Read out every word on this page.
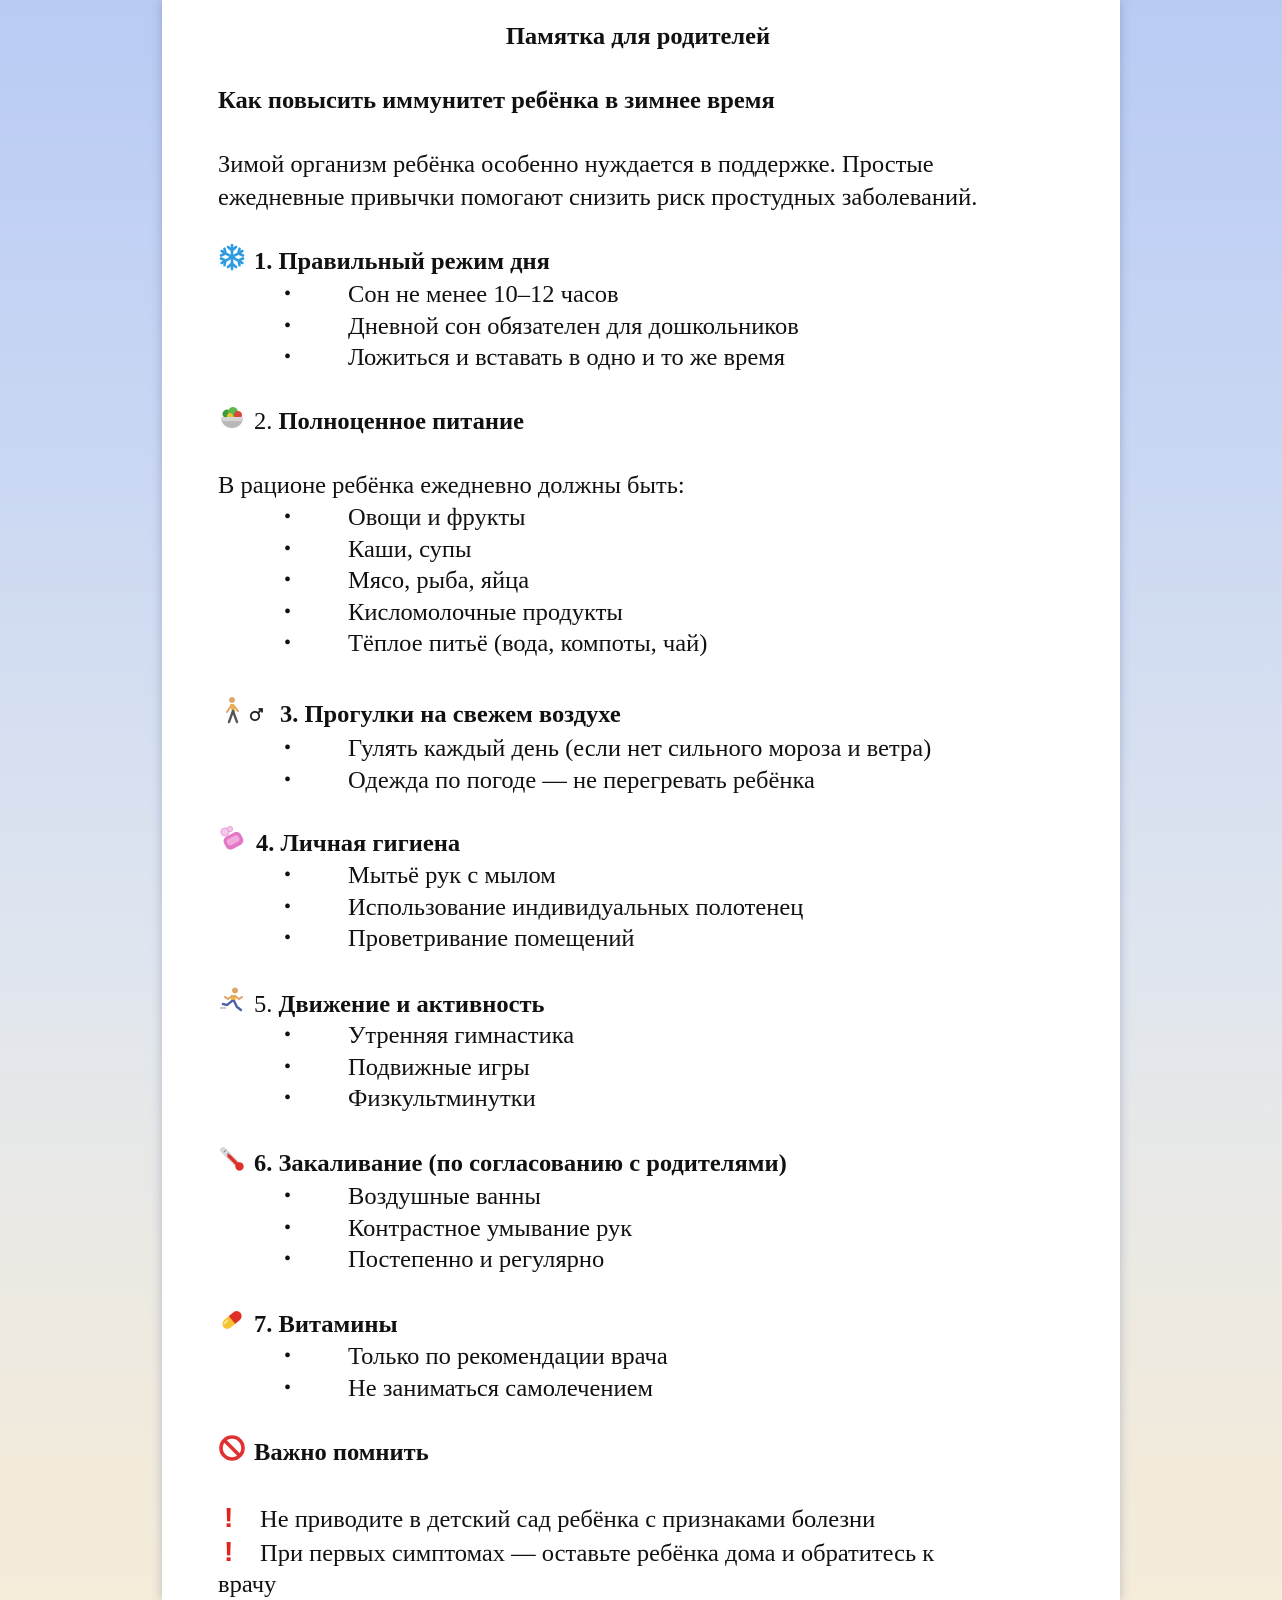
Памятка для родителей
Как повысить иммунитет ребёнка в зимнее время

Зимой организм ребёнка особенно нуждается в поддержке. Простые

ежедневные привычки помогают снизить риск простудных заболеваний.

1. Правильный режим дня
• Сон не менее 10–12 часов
• Дневной сон обязателен для дошкольников
• Ложиться и вставать в одно и то же время
2. Полноценное питание
В рационе ребёнка ежедневно должны быть:
• Овощи и фрукты
• Каши, супы
• Мясо, рыба, яйца
• Кисломолочные продукты
• Тёплое питьё (вода, компоты, чай)
3. Прогулки на свежем воздухе
• Гулять каждый день (если нет сильного мороза и ветра)
• Одежда по погоде — не перегревать ребёнка
4. Личная гигиена
• Мытьё рук с мылом
• Использование индивидуальных полотенец
• Проветривание помещений
5. Движение и активность
• Утренняя гимнастика
• Подвижные игры
• Физкультминутки
6. Закаливание (по согласованию с родителями)
• Воздушные ванны
• Контрастное умывание рук
• Постепенно и регулярно
7. Витамины
• Только по рекомендации врача
• Не заниматься самолечением
Важно помнить
! Не приводите в детский сад ребёнка с признаками болезни
! При первых симптомах — оставьте ребёнка дома и обратитесь к
врачу
